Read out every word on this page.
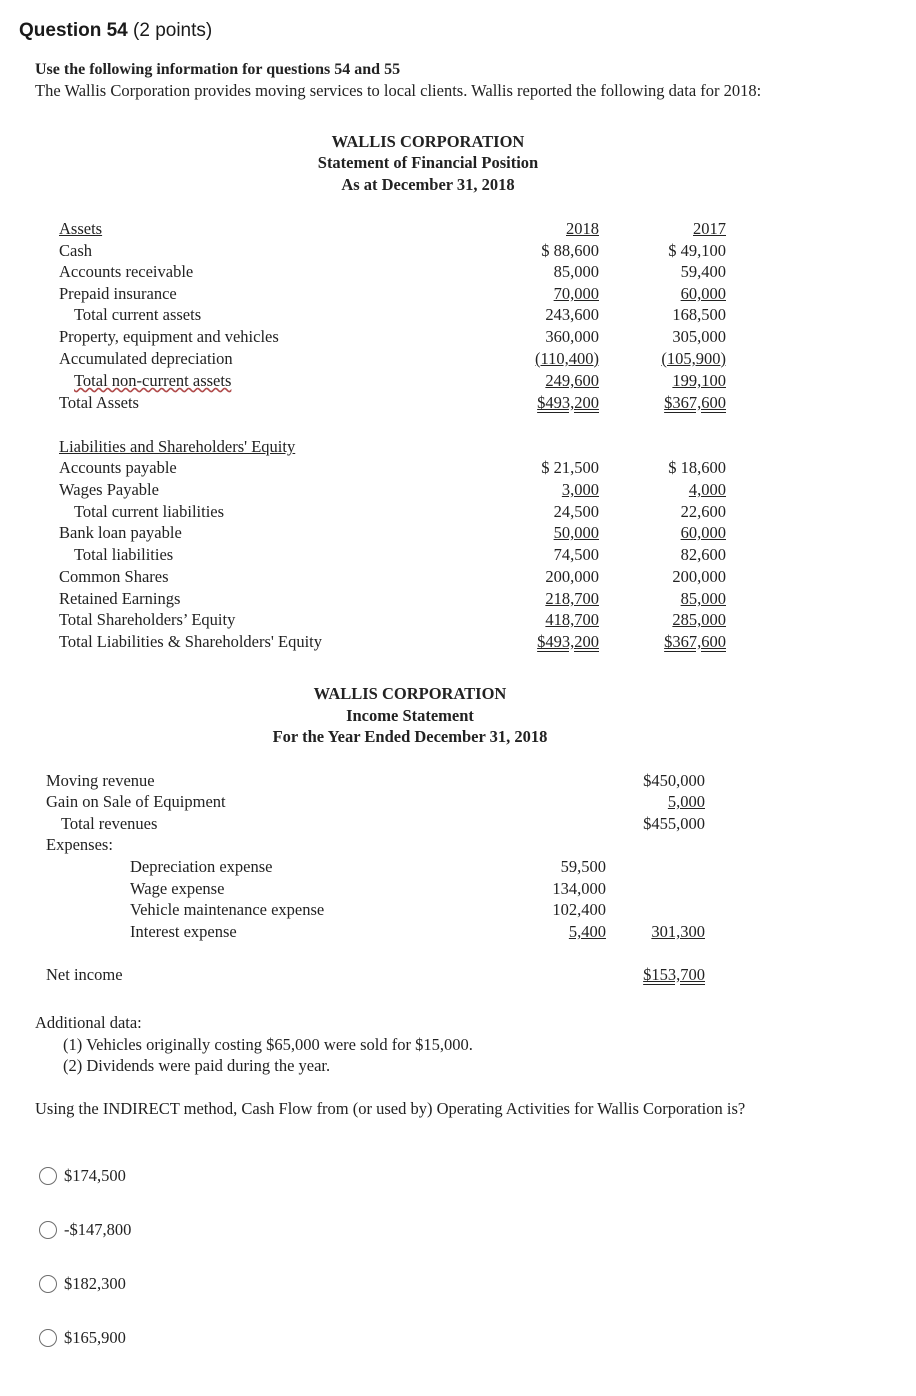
Question 54 (2 points)
Use the following information for questions 54 and 55
The Wallis Corporation provides moving services to local clients. Wallis reported the following data for 2018:
WALLIS CORPORATION
Statement of Financial Position
As at December 31, 2018
2018	2017
Assets
Cash	$ 88,600	$ 49,100
Accounts receivable	85,000	59,400
Prepaid insurance	70,000	60,000
Total current assets	243,600	168,500
Property, equipment and vehicles	360,000	305,000
Accumulated depreciation	(110,400)	(105,900)
Total non-current assets	249,600	199,100
Total Assets	$493,200	$367,600
Liabilities and Shareholders' Equity
Accounts payable	$ 21,500	$ 18,600
Wages Payable	3,000	4,000
Total current liabilities	24,500	22,600
Bank loan payable	50,000	60,000
Total liabilities	74,500	82,600
Common Shares	200,000	200,000
Retained Earnings	218,700	85,000
Total Shareholders’ Equity	418,700	285,000
Total Liabilities & Shareholders' Equity	$493,200	$367,600
WALLIS CORPORATION
Income Statement
For the Year Ended December 31, 2018
Moving revenue	$450,000
Gain on Sale of Equipment	5,000
Total revenues	$455,000
Expenses:
Depreciation expense	59,500
Wage expense	134,000
Vehicle maintenance expense	102,400
Interest expense	5,400	301,300
Net income	$153,700
Additional data:
(1) Vehicles originally costing $65,000 were sold for $15,000.
(2) Dividends were paid during the year.
Using the INDIRECT method, Cash Flow from (or used by) Operating Activities for Wallis Corporation is?
$174,500
-$147,800
$182,300
$165,900
